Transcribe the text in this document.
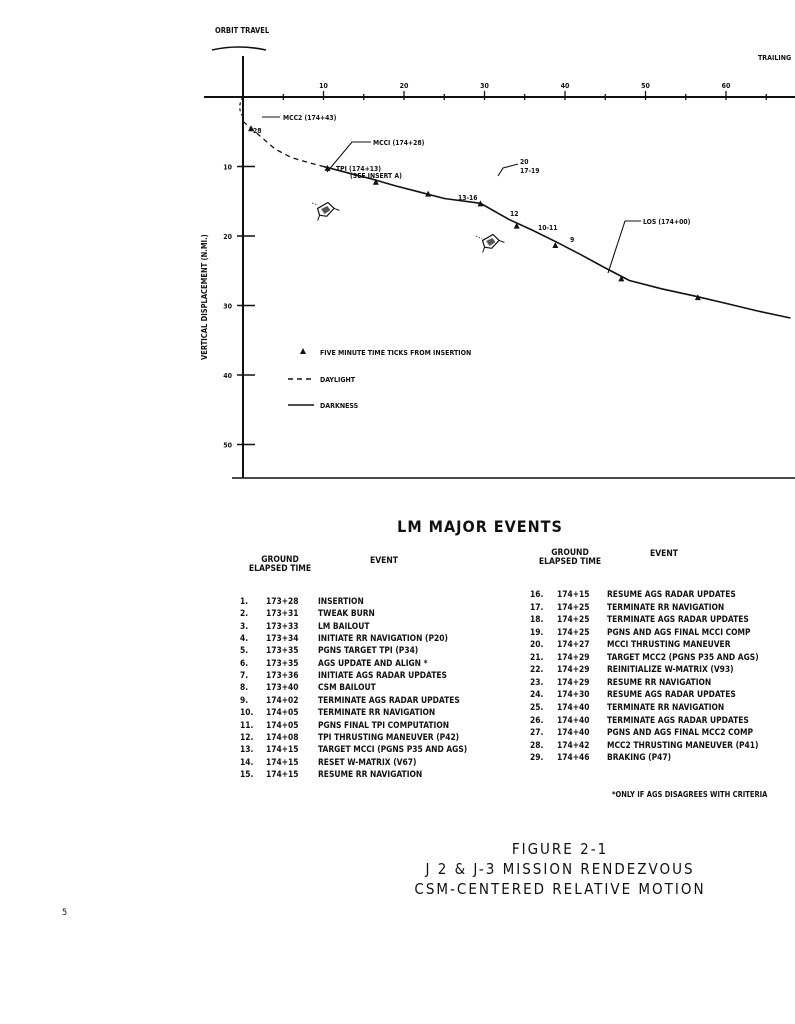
ORBIT TRAVEL
TRAILING
VERTICAL DISPLACEMENT (N.MI.)
10	20	30	40	50	60
10
20
30
40
50
MCC2 (174+43)
28
MCCI (174+28)
20
17-19
TPI (174+13)
(SEE INSERT A)
13-16
12
10-11
9
LOS (174+00)
FIVE MINUTE TIME TICKS FROM INSERTION
DAYLIGHT
DARKNESS
LM MAJOR EVENTS
GROUND ELAPSED TIME
EVENT
GROUND ELAPSED TIME
EVENT
1. 173+28 INSERTION
2. 173+31 TWEAK BURN
3. 173+33 LM BAILOUT
4. 173+34 INITIATE RR NAVIGATION (P20)
5. 173+35 PGNS TARGET TPI (P34)
6. 173+35 AGS UPDATE AND ALIGN *
7. 173+36 INITIATE AGS RADAR UPDATES
8. 173+40 CSM BAILOUT
9. 174+02 TERMINATE AGS RADAR UPDATES
10. 174+05 TERMINATE RR NAVIGATION
11. 174+05 PGNS FINAL TPI COMPUTATION
12. 174+08 TPI THRUSTING MANEUVER (P42)
13. 174+15 TARGET MCCI (PGNS P35 AND AGS)
14. 174+15 RESET W-MATRIX (V67)
15. 174+15 RESUME RR NAVIGATION
16. 174+15 RESUME AGS RADAR UPDATES
17. 174+25 TERMINATE RR NAVIGATION
18. 174+25 TERMINATE AGS RADAR UPDATES
19. 174+25 PGNS AND AGS FINAL MCCI COMP
20. 174+27 MCCI THRUSTING MANEUVER
21. 174+29 TARGET MCC2 (PGNS P35 AND AGS)
22. 174+29 REINITIALIZE W-MATRIX (V93)
23. 174+29 RESUME RR NAVIGATION
24. 174+30 RESUME AGS RADAR UPDATES
25. 174+40 TERMINATE RR NAVIGATION
26. 174+40 TERMINATE AGS RADAR UPDATES
27. 174+40 PGNS AND AGS FINAL MCC2 COMP
28. 174+42 MCC2 THRUSTING MANEUVER (P41)
29. 174+46 BRAKING (P47)
*ONLY IF AGS DISAGREES WITH CRITERIA
FIGURE 2-1
J 2 & J-3 MISSION RENDEZVOUS
CSM-CENTERED RELATIVE MOTION
5
